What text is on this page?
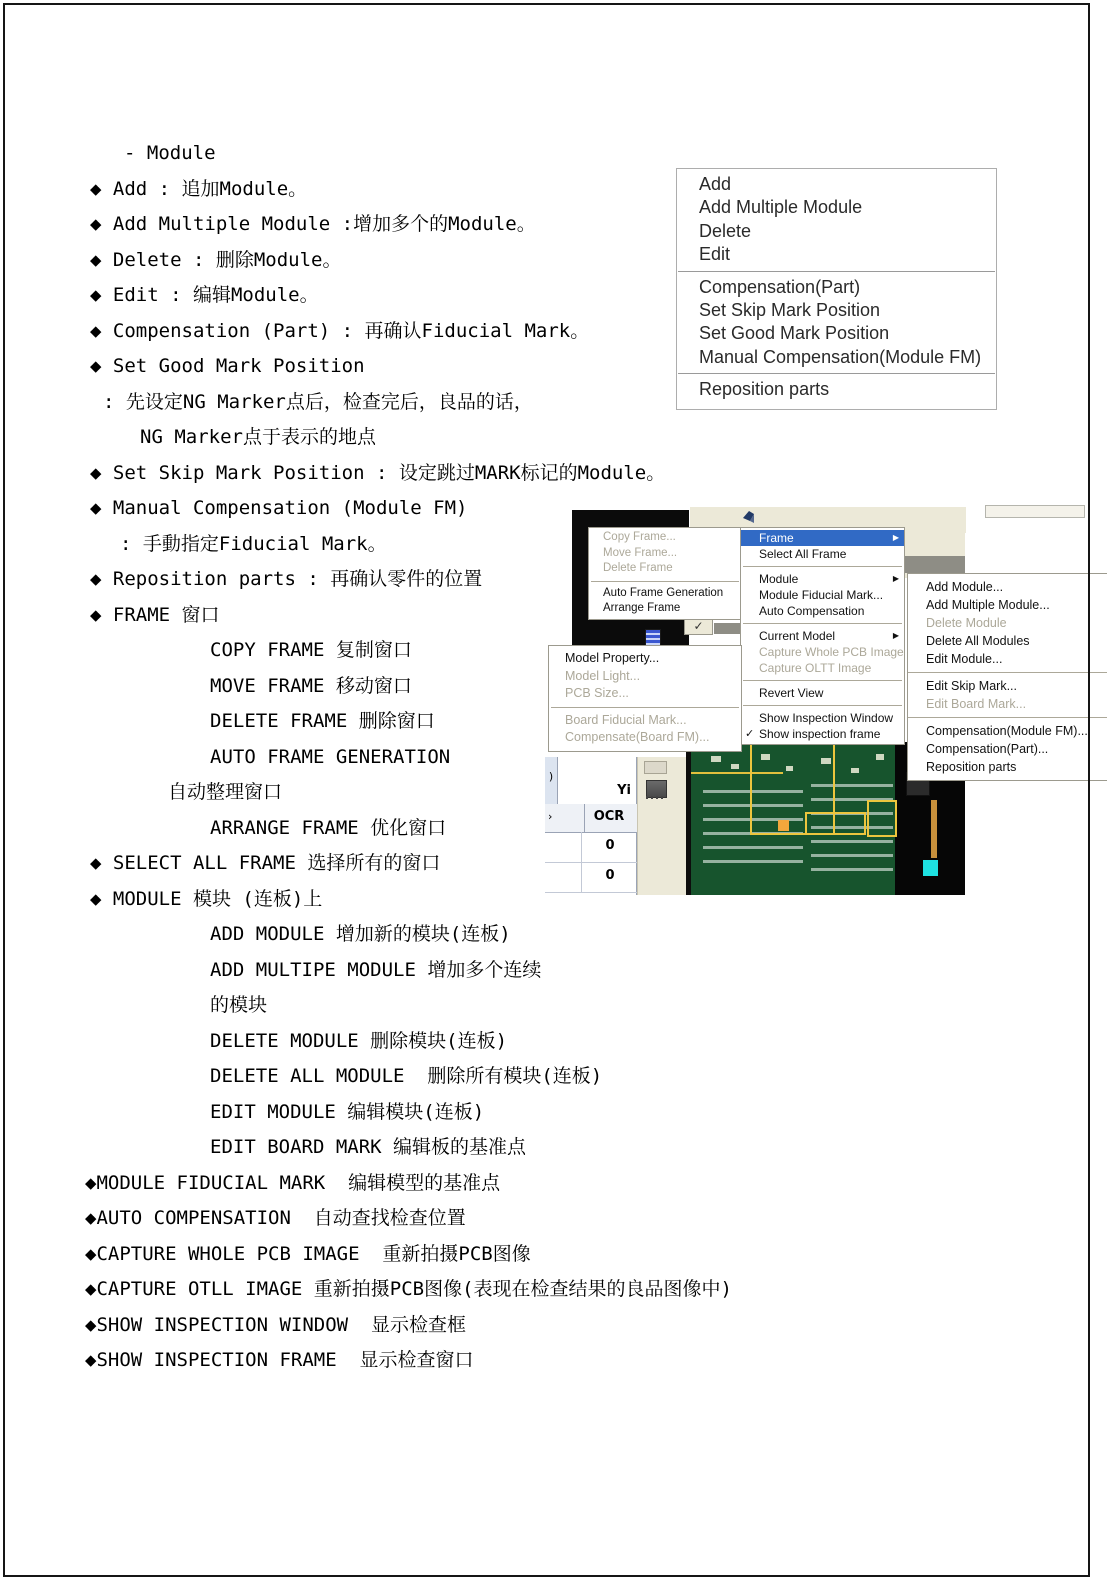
- Module
◆ Add : 追加Module。
◆ Add Multiple Module :增加多个的Module。
◆ Delete : 删除Module。
◆ Edit : 编辑Module。
◆ Compensation (Part) : 再确认Fiducial Mark。
◆ Set Good Mark Position
: 先设定NG Marker点后，检查完后，良品的话，
NG Marker点于表示的地点
◆ Set Skip Mark Position : 设定跳过MARK标记的Module。
◆ Manual Compensation (Module FM)
: 手動指定Fiducial Mark。
◆ Reposition parts : 再确认零件的位置
◆ FRAME 窗口
COPY FRAME 复制窗口
MOVE FRAME 移动窗口
DELETE FRAME 删除窗口
AUTO FRAME GENERATION
自动整理窗口
ARRANGE FRAME 优化窗口
◆ SELECT ALL FRAME 选择所有的窗口
◆ MODULE 模块 (连板)上
ADD MODULE 增加新的模块(连板)
ADD MULTIPE MODULE 增加多个连续
的模块
DELETE MODULE 删除模块(连板)
DELETE ALL MODULE  删除所有模块(连板)
EDIT MODULE 编辑模块(连板)
EDIT BOARD MARK 编辑板的基准点
◆MODULE FIDUCIAL MARK  编辑模型的基准点
◆AUTO COMPENSATION  自动查找检查位置
◆CAPTURE WHOLE PCB IMAGE  重新拍摄PCB图像
◆CAPTURE OTLL IMAGE 重新拍摄PCB图像(表现在检查结果的良品图像中)
◆SHOW INSPECTION WINDOW  显示检查框
◆SHOW INSPECTION FRAME  显示检查窗口
Add
Add Multiple Module
Delete
Edit
Compensation(Part)
Set Skip Mark Position
Set Good Mark Position
Manual Compensation(Module FM)
Reposition parts
✓
)
Yi
›	OCR
0
0
Copy Frame...
Move Frame...
Delete Frame
Auto Frame Generation
Arrange Frame
Frame	▶
Select All Frame
Module	▶
Module Fiducial Mark...
Auto Compensation
Current Model	▶
Capture Whole PCB Image
Capture OLTT Image
Revert View
Show Inspection Window
Show inspection frame
✓
Model Property...
Model Light...
PCB Size...
Board Fiducial Mark...
Compensate(Board FM)...
Add Module...
Add Multiple Module...
Delete Module
Delete All Modules
Edit Module...
Edit Skip Mark...
Edit Board Mark...
Compensation(Module FM)...
Compensation(Part)...
Reposition parts
